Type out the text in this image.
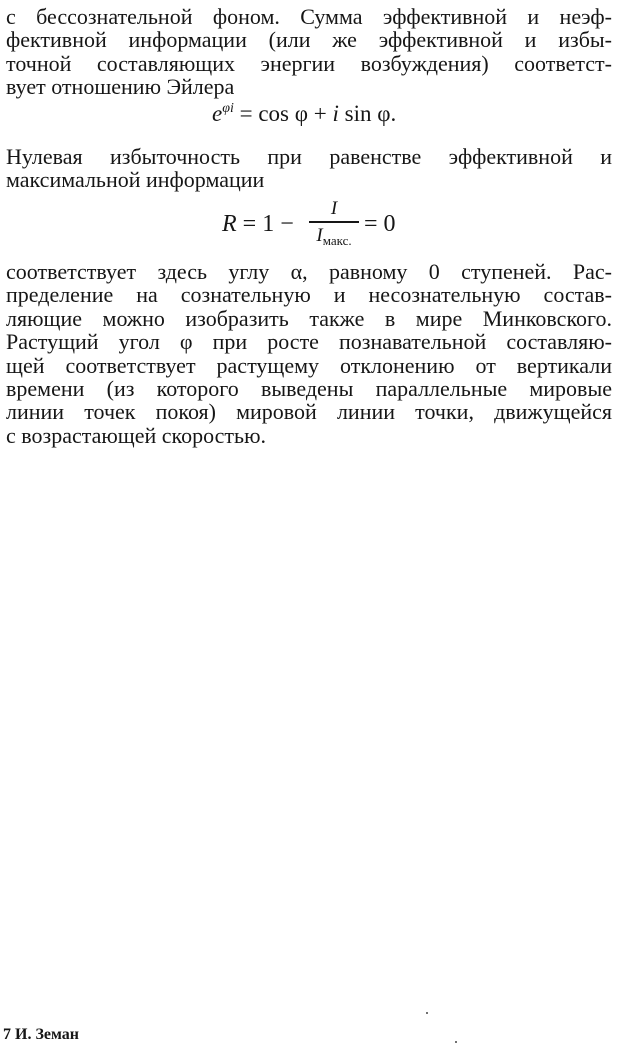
с бессознательной фоном. Сумма эффективной и неэф-
фективной информации (или же эффективной и избы-
точной составляющих энергии возбуждения) соответст-
вует отношению Эйлера
$e^{\varphi i} = \cos \varphi + i$ sin φ.
Нулевая избыточность при равенстве эффективной и
максимальной информации
R = 1 −
I
$I_{макс.}$
= 0
соответствует здесь углу α, равному 0 ступеней. Рас-
пределение на сознательную и несознательную состав-
ляющие можно изобразить также в мире Минковского.
Растущий угол φ при росте познавательной составляю-
щей соответствует растущему отклонению от вертикали
времени (из которого выведены параллельные мировые
линии точек покоя) мировой линии точки, движущейся
с возрастающей скоростью.
7 И. Земан
